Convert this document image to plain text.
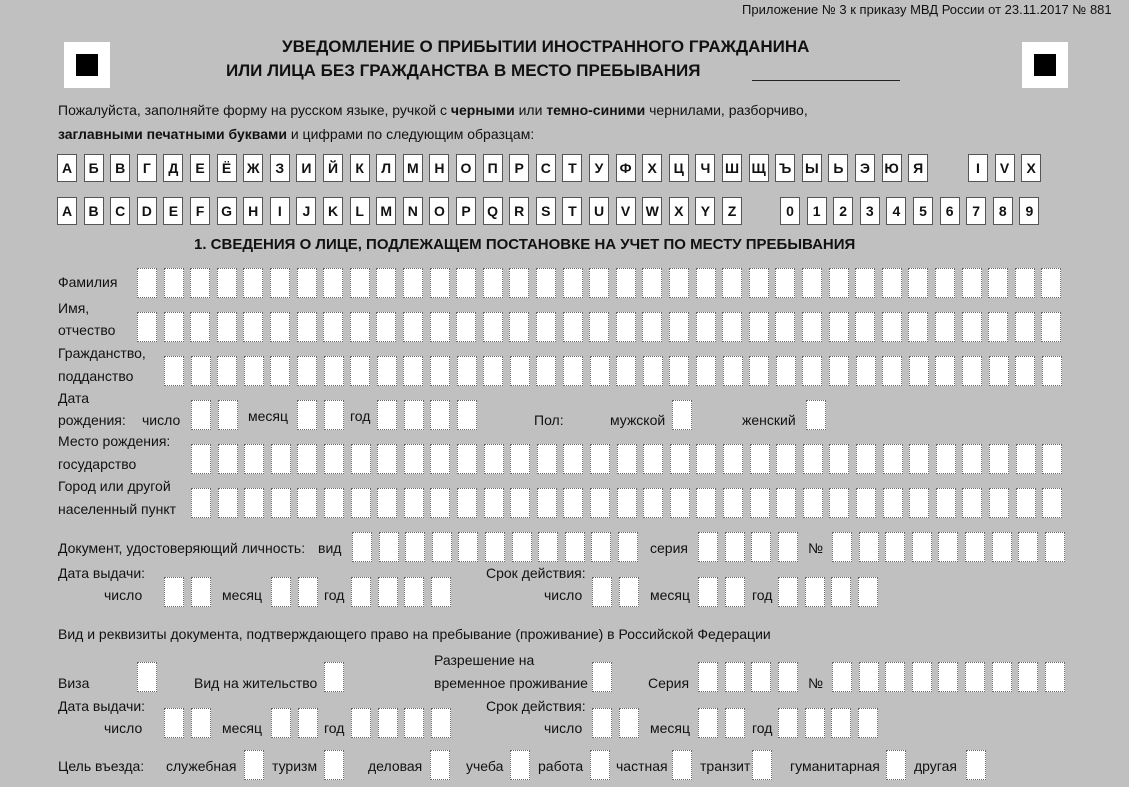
Приложение № 3 к приказу МВД России от 23.11.2017 № 881
УВЕДОМЛЕНИЕ О ПРИБЫТИИ ИНОСТРАННОГО ГРАЖДАНИНА
ИЛИ ЛИЦА БЕЗ ГРАЖДАНСТВА В МЕСТО ПРЕБЫВАНИЯ
Пожалуйста, заполняйте форму на русском языке, ручкой с черными или темно-синими чернилами, разборчиво,
заглавными печатными буквами и цифрами по следующим образцам:
А	Б	В	Г	Д	Е	Ё	Ж	З	И	Й	К	Л	М	Н	О	П	Р	С	Т	У	Ф	Х	Ц	Ч	Ш Щ Ъ Ы	Ь	Э	Ю	Я	I	V	X
A	B	C	D	E	F	G	H	I	J	K	L	M	N	O	P	Q	R	S	T	U	V	W	X	Y	Z	0	1	2	3	4	5	6	7	8	9
1. СВЕДЕНИЯ О ЛИЦЕ, ПОДЛЕЖАЩЕМ ПОСТАНОВКЕ НА УЧЕТ ПО МЕСТУ ПРЕБЫВАНИЯ
Фамилия
Имя,
отчество
Гражданство,
подданство
Дата
рождения: число	месяц	год	Пол:	мужской	женский
Место рождения:
государство
Город или другой
населенный пункт
Документ, удостоверяющий личность: вид	серия	№
Дата выдачи:
число	месяц	год
Срок действия:
число	месяц	год
Вид и реквизиты документа, подтверждающего право на пребывание (проживание) в Российской Федерации
Разрешение на
Виза	Вид на жительство	временное проживание	Серия	№
Дата выдачи:
число	месяц	год
Срок действия:
число	месяц	год
Цель въезда: служебная	туризм	деловая	учеба работа частная транзит	гуманитарная другая
